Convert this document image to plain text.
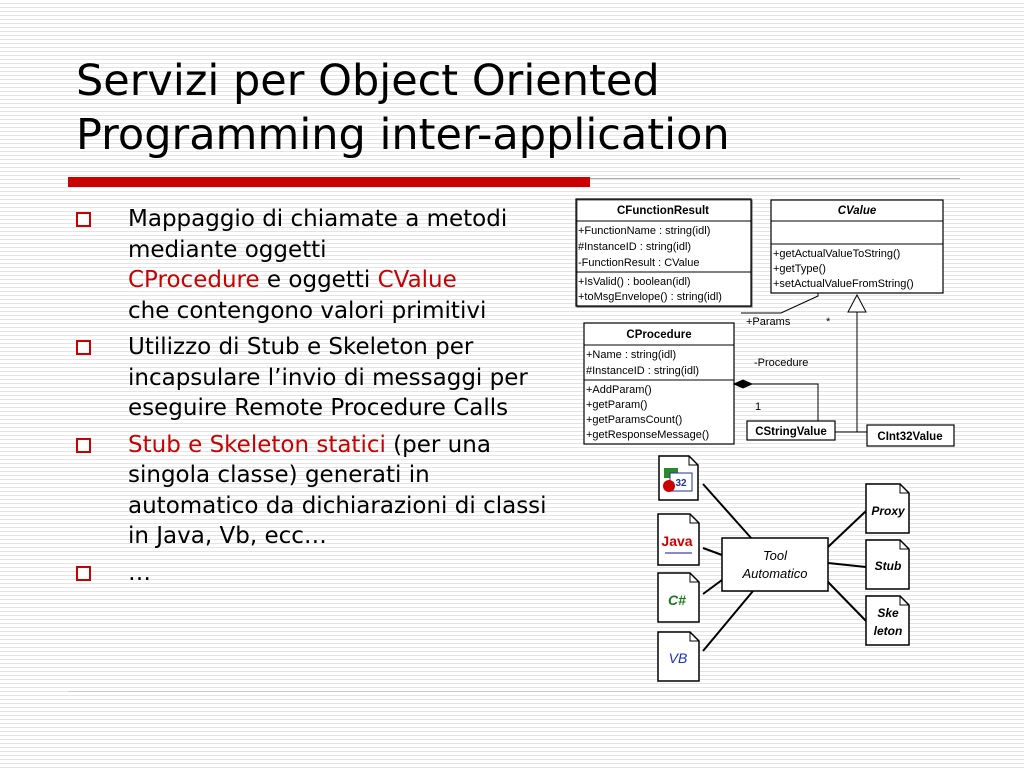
Servizi per Object Oriented
Programming inter-application
Mappaggio di chiamate a metodi mediante oggetti
CProcedure e oggetti CValue
che contengono valori primitivi
Utilizzo di Stub e Skeleton per incapsulare l’invio di messaggi per eseguire Remote Procedure Calls
Stub e Skeleton statici (per una singola classe) generati in automatico da dichiarazioni di classi in Java, Vb, ecc…
…
CFunctionResult
+FunctionName : string(idl)
#InstanceID : string(idl)
-FunctionResult : CValue
+IsValid() : boolean(idl)
+toMsgEnvelope() : string(idl)
CValue
+getActualValueToString()
+getType()
+setActualValueFromString()
CProcedure
+Name : string(idl)
#InstanceID : string(idl)
+AddParam()
+getParam()
+getParamsCount()
+getResponseMessage()	CStringValue	CInt32Value
+Params	*
-Procedure
1
Tool
Automatico
32
Java
C#
VB
Proxy
Stub
Ske
leton
